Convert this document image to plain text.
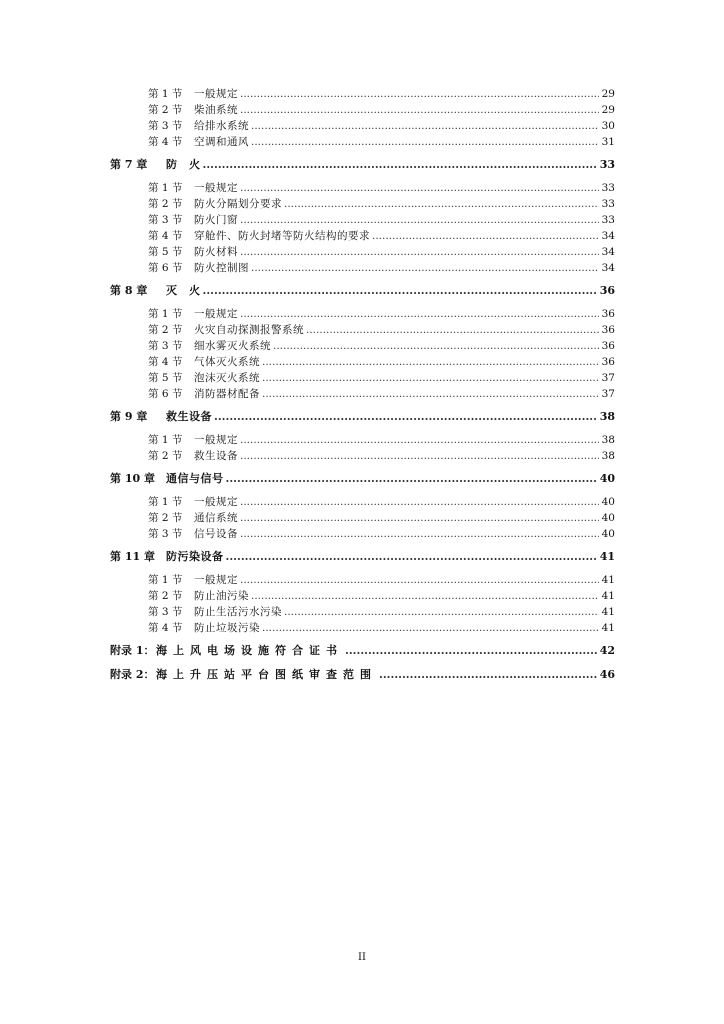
第 1 节	一般规定 .....	29
第 2 节	柴油系统 .....	29
第 3 节	给排水系统 .....	30
第 4 节	空调和通风 .....	31
第 7 章	防　火 .....	33
第 1 节	一般规定 .....	33
第 2 节	防火分隔划分要求 .....	33
第 3 节	防火门窗 .....	33
第 4 节	穿舱件、防火封堵等防火结构的要求 .....	34
第 5 节	防火材料 .....	34
第 6 节	防火控制图 .....	34
第 8 章	灭　火 .....	36
第 1 节	一般规定 .....	36
第 2 节	火灾自动探测报警系统 .....	36
第 3 节	细水雾灭火系统 .....	36
第 4 节	气体灭火系统 .....	36
第 5 节	泡沫灭火系统 .....	37
第 6 节	消防器材配备 .....	37
第 9 章	救生设备 .....	38
第 1 节	一般规定 .....	38
第 2 节	救生设备 .....	38
第 10 章	通信与信号 .....	40
第 1 节	一般规定 .....	40
第 2 节	通信系统 .....	40
第 3 节	信号设备 .....	40
第 11 章	防污染设备 .....	41
第 1 节	一般规定 .....	41
第 2 节	防止油污染 .....	41
第 3 节	防止生活污水污染 .....	41
第 4 节	防止垃圾污染 .....	41
附录 1： 海上风电场设施符合证书 .....	42
附录 2： 海上升压站平台图纸审查范围 .....	46
II
